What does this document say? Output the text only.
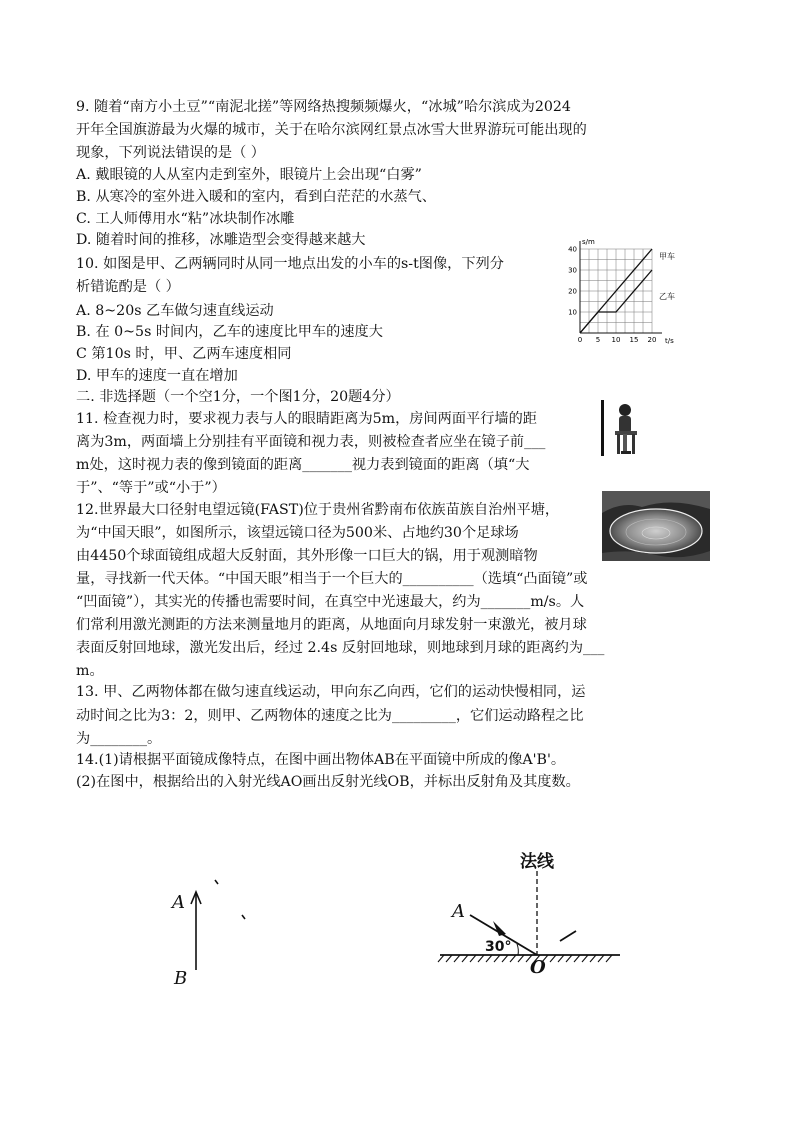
9. 随着“南方小土豆”“南泥北搓”等网络热搜频频爆火，“冰城”哈尔滨成为2024
开年全国旗游最为火爆的城市，关于在哈尔滨网红景点冰雪大世界游玩可能出现的
现象，下列说法错误的是（ ）
A. 戴眼镜的人从室内走到室外，眼镜片上会出现“白雾”
B. 从寒冷的室外进入暖和的室内，看到白茫茫的水蒸气、
C. 工人师傅用水“粘”冰块制作冰雕
D. 随着时间的推移，冰雕造型会变得越来越大
10. 如图是甲、乙两辆同时从同一地点出发的小车的s-t图像，下列分
析错诡酌是（ ）
A. 8~20s 乙车做匀速直线运动
B. 在 0~5s 时间内，乙车的速度比甲车的速度大
C 第10s 时，甲、乙两车速度相同
D. 甲车的速度一直在增加
0 5 10 15 20
10
20
30
40
s/m
t/s
甲车
乙车
二. 非选择题（一个空1分，一个图1分，20题4分）
11. 检查视力时，要求视力表与人的眼睛距离为5m，房间两面平行墙的距
离为3m，两面墙上分别挂有平面镜和视力表，则被检查者应坐在镜子前___
m处，这时视力表的像到镜面的距离_______视力表到镜面的距离（填“大
于”、“等于”或“小于”）
12.世界最大口径射电望远镜(FAST)位于贵州省黔南布依族苗族自治州平塘，
为“中国天眼”，如图所示，该望远镜口径为500米、占地约30个足球场
由4450个球面镜组成超大反射面，其外形像一口巨大的锅，用于观测暗物
量，寻找新一代天体。“中国天眼”相当于一个巨大的__________（选填“凸面镜”或
“凹面镜”），其实光的传播也需要时间，在真空中光速最大，约为_______m/s。人
们常利用激光测距的方法来测量地月的距离，从地面向月球发射一束激光，被月球
表面反射回地球，激光发出后，经过 2.4s 反射回地球，则地球到月球的距离约为___
m。
13. 甲、乙两物体都在做匀速直线运动，甲向东乙向西，它们的运动快慢相同，运
动时间之比为3：2，则甲、乙两物体的速度之比为_________，它们运动路程之比
为________。
14.(1)请根据平面镜成像特点，在图中画出物体AB在平面镜中所成的像A'B'。
(2)在图中，根据给出的入射光线AO画出反射光线OB，并标出反射角及其度数。
A
B
法线
A
30°
O
